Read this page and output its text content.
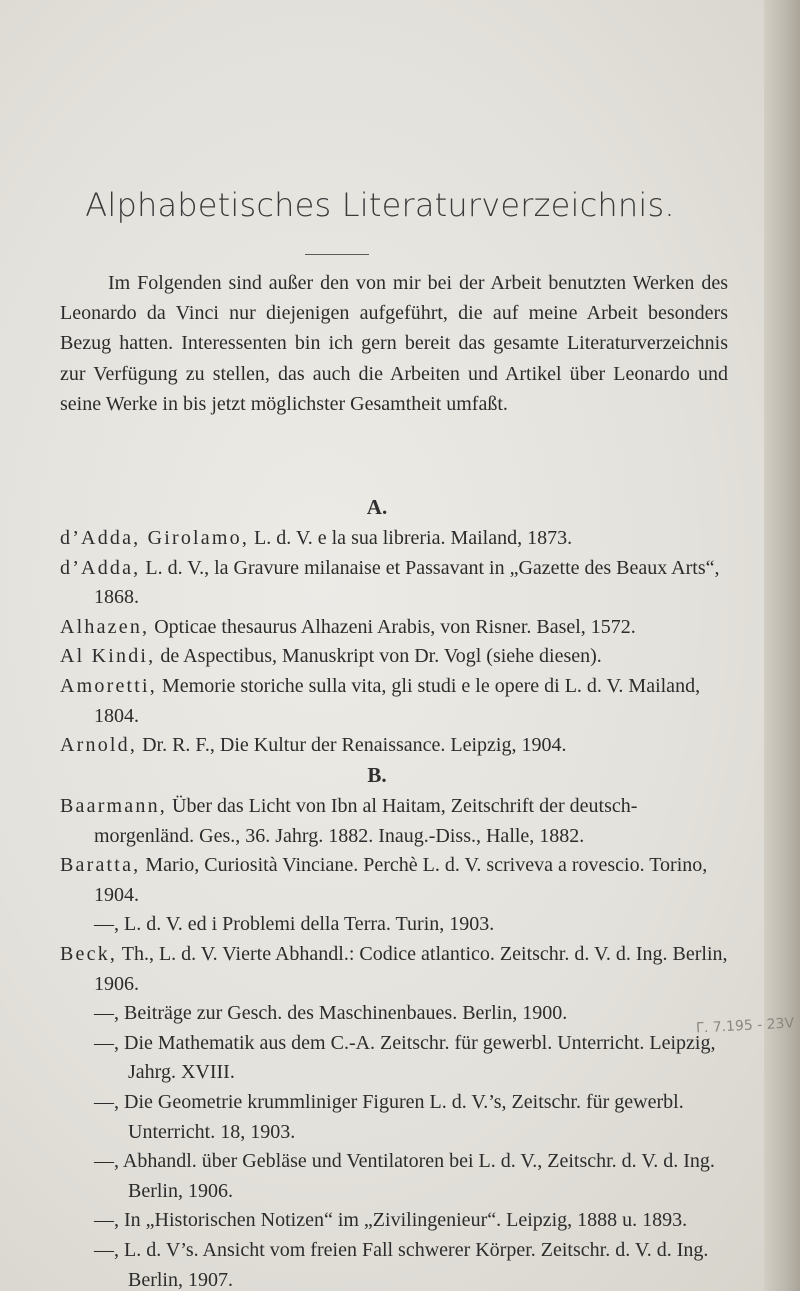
Alphabetisches Literaturverzeichnis.

Im Folgenden sind außer den von mir bei der Arbeit benutzten Werken des Leonardo da Vinci nur diejenigen aufgeführt, die auf meine Arbeit besonders Bezug hatten. Interessenten bin ich gern bereit das gesamte Literaturverzeichnis zur Verfügung zu stellen, das auch die Arbeiten und Artikel über Leonardo und seine Werke in bis jetzt möglichster Gesamtheit umfaßt.

A.
d’Adda, Girolamo, L. d. V. e la sua libreria. Mailand, 1873.
d’Adda, L. d. V., la Gravure milanaise et Passavant in „Gazette des Beaux Arts“, 1868.
Alhazen, Opticae thesaurus Alhazeni Arabis, von Risner. Basel, 1572.
Al Kindi, de Aspectibus, Manuskript von Dr. Vogl (siehe diesen).
Amoretti, Memorie storiche sulla vita, gli studi e le opere di L. d. V. Mailand, 1804.
Arnold, Dr. R. F., Die Kultur der Renaissance. Leipzig, 1904.
B.
Baarmann, Über das Licht von Ibn al Haitam, Zeitschrift der deutsch-morgenländ. Ges., 36. Jahrg. 1882. Inaug.-Diss., Halle, 1882.
Baratta, Mario, Curiosità Vinciane. Perchè L. d. V. scriveva a rovescio. Torino, 1904.
—, L. d. V. ed i Problemi della Terra. Turin, 1903.
Beck, Th., L. d. V. Vierte Abhandl.: Codice atlantico. Zeitschr. d. V. d. Ing. Berlin, 1906.
—, Beiträge zur Gesch. des Maschinenbaues. Berlin, 1900.
—, Die Mathematik aus dem C.-A. Zeitschr. für gewerbl. Unterricht. Leipzig, Jahrg. XVIII.
—, Die Geometrie krummliniger Figuren L. d. V.’s, Zeitschr. für gewerbl. Unterricht. 18, 1903.
—, Abhandl. über Gebläse und Ventilatoren bei L. d. V., Zeitschr. d. V. d. Ing. Berlin, 1906.
—, In „Historischen Notizen“ im „Zivilingenieur“. Leipzig, 1888 u. 1893.
—, L. d. V’s. Ansicht vom freien Fall schwerer Körper. Zeitschr. d. V. d. Ing. Berlin, 1907.
Γ. 7.195 - 23V
